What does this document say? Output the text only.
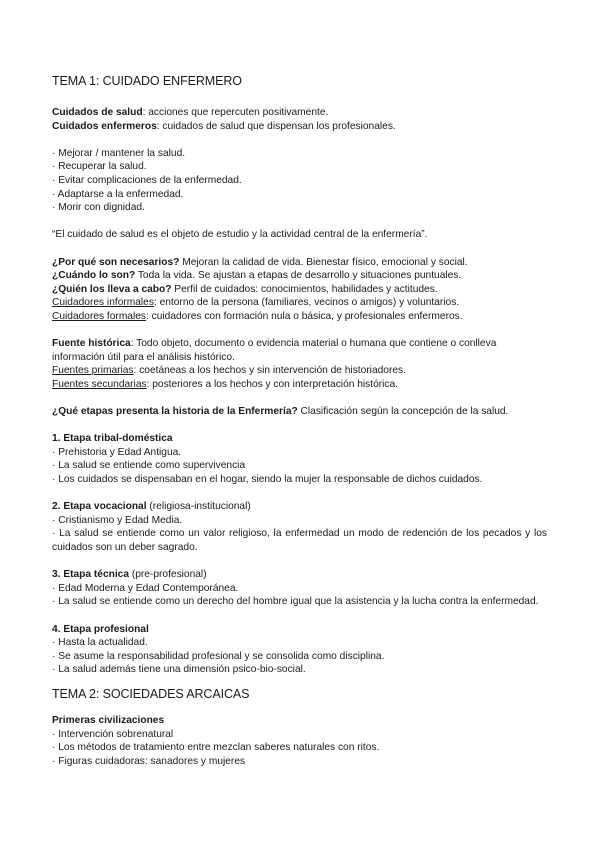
TEMA 1: CUIDADO ENFERMERO

Cuidados de salud: acciones que repercuten positivamente.

Cuidados enfermeros: cuidados de salud que dispensan los profesionales.

· Mejorar / mantener la salud.

· Recuperar la salud.

· Evitar complicaciones de la enfermedad.

· Adaptarse a la enfermedad.

· Morir con dignidad.

“El cuidado de salud es el objeto de estudio y la actividad central de la enfermería”.

¿Por qué son necesarios? Mejoran la calidad de vida. Bienestar físico, emocional y social.

¿Cuándo lo son? Toda la vida. Se ajustan a etapas de desarrollo y situaciones puntuales.

¿Quién los lleva a cabo? Perfil de cuidados: conocimientos, habilidades y actitudes.

Cuidadores informales: entorno de la persona (familiares, vecinos o amigos) y voluntarios.

Cuidadores formales: cuidadores con formación nula o básica, y profesionales enfermeros.

Fuente histórica: Todo objeto, documento o evidencia material o humana que contiene o conlleva información útil para el análisis histórico.

Fuentes primarias: coetáneas a los hechos y sin intervención de historiadores.

Fuentes secundarias: posteriores a los hechos y con interpretación histórica.

¿Qué etapas presenta la historia de la Enfermería? Clasificación según la concepción de la salud.

1. Etapa tribal-doméstica

· Prehistoria y Edad Antigua.

· La salud se entiende como supervivencia

· Los cuidados se dispensaban en el hogar, siendo la mujer la responsable de dichos cuidados.

2. Etapa vocacional (religiosa-institucional)

· Cristianismo y Edad Media.

· La salud se entiende como un valor religioso, la enfermedad un modo de redención de los pecados y los cuidados son un deber sagrado.

3. Etapa técnica (pre-profesional)

· Edad Moderna y Edad Contemporánea.

· La salud se entiende como un derecho del hombre igual que la asistencia y la lucha contra la enfermedad.

4. Etapa profesional

· Hasta la actualidad.

· Se asume la responsabilidad profesional y se consolida como disciplina.

· La salud además tiene una dimensión psico-bio-social.

TEMA 2: SOCIEDADES ARCAICAS

Primeras civilizaciones

· Intervención sobrenatural

· Los métodos de tratamiento entre mezclan saberes naturales con ritos.

· Figuras cuidadoras: sanadores y mujeres
